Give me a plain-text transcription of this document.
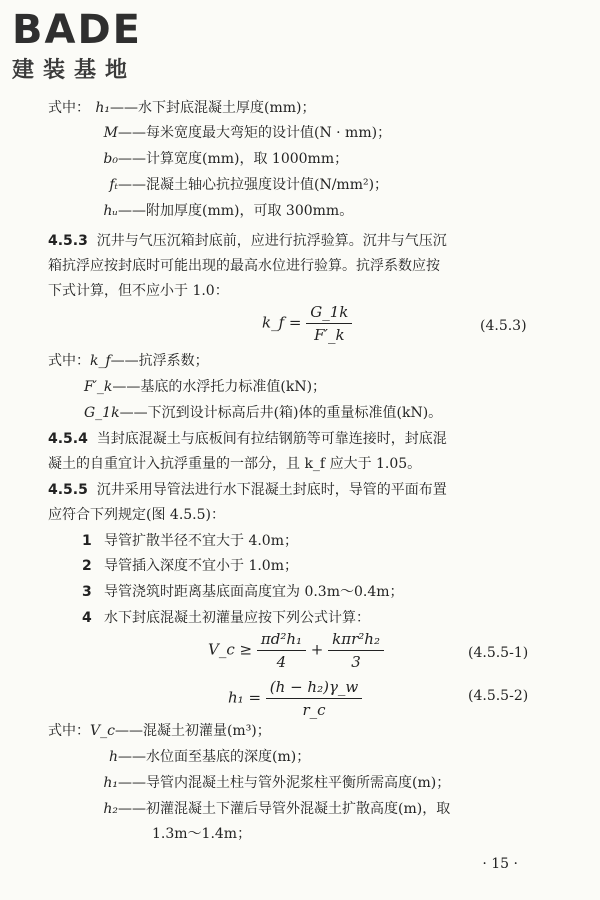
BADE
建装基地
式中： h₁——水下封底混凝土厚度(mm)；
M——每米宽度最大弯矩的设计值(N · mm)；
b₀——计算宽度(mm)，取 1000mm；
fₜ——混凝土轴心抗拉强度设计值(N/mm²)；
hᵤ——附加厚度(mm)，可取 300mm。
4.5.3 沉井与气压沉箱封底前，应进行抗浮验算。沉井与气压沉
箱抗浮应按封底时可能出现的最高水位进行验算。抗浮系数应按
下式计算，但不应小于 1.0：
k_f = $\frac{G\_1k}{F'\_k}$	(4.5.3)
式中：k_f——抗浮系数；
F′_k——基底的水浮托力标准值(kN)；
G_1k——下沉到设计标高后井(箱)体的重量标准值(kN)。
4.5.4 当封底混凝土与底板间有拉结钢筋等可靠连接时，封底混
凝土的自重宜计入抗浮重量的一部分，且 k_f 应大于 1.05。
4.5.5 沉井采用导管法进行水下混凝土封底时，导管的平面布置
应符合下列规定(图 4.5.5)：
1 导管扩散半径不宜大于 4.0m；
2 导管插入深度不宜小于 1.0m；
3 导管浇筑时距离基底面高度宜为 0.3m～0.4m；
4 水下封底混凝土初灌量应按下列公式计算：
V_c ≥ $\frac{\text{πd²h₁}}{4} + \frac{\text{kπr²h₂}}{3}$	(4.5.5-1)
$h_1 = \frac{\text{(h − h₂)γ\_w}}{r\_c}$	(4.5.5-2)
式中：V_c——混凝土初灌量(m³)；
h——水位面至基底的深度(m)；
h₁——导管内混凝土柱与管外泥浆柱平衡所需高度(m)；
h₂——初灌混凝土下灌后导管外混凝土扩散高度(m)，取
1.3m～1.4m；
· 15 ·
